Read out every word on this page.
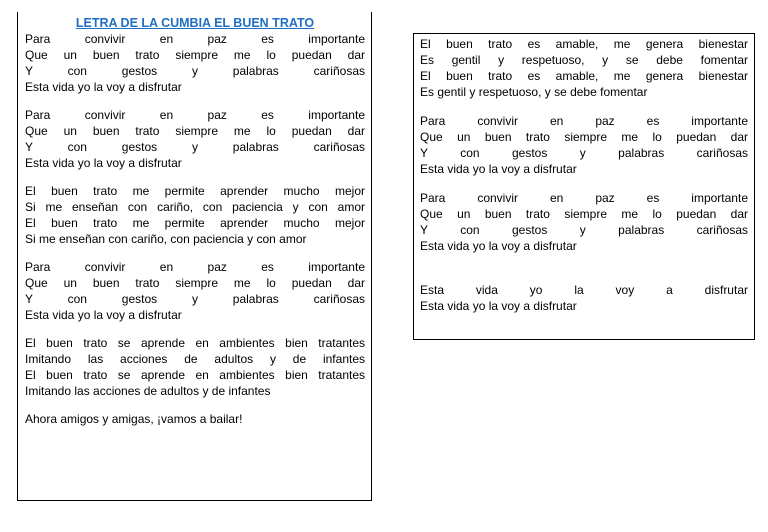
LETRA DE LA CUMBIA EL BUEN TRATO
Para convivir en paz es importante
Que un buen trato siempre me lo puedan dar
Y con gestos y palabras cariñosas
Esta vida yo la voy a disfrutar
Para convivir en paz es importante
Que un buen trato siempre me lo puedan dar
Y con gestos y palabras cariñosas
Esta vida yo la voy a disfrutar
El buen trato me permite aprender mucho mejor
Si me enseñan con cariño, con paciencia y con amor
El buen trato me permite aprender mucho mejor
Si me enseñan con cariño, con paciencia y con amor
Para convivir en paz es importante
Que un buen trato siempre me lo puedan dar
Y con gestos y palabras cariñosas
Esta vida yo la voy a disfrutar
El buen trato se aprende en ambientes bien tratantes
Imitando las acciones de adultos y de infantes
El buen trato se aprende en ambientes bien tratantes
Imitando las acciones de adultos y de infantes
Ahora amigos y amigas, ¡vamos a bailar!
El buen trato es amable, me genera bienestar
Es gentil y respetuoso, y se debe fomentar
El buen trato es amable, me genera bienestar
Es gentil y respetuoso, y se debe fomentar
Para convivir en paz es importante
Que un buen trato siempre me lo puedan dar
Y con gestos y palabras cariñosas
Esta vida yo la voy a disfrutar
Para convivir en paz es importante
Que un buen trato siempre me lo puedan dar
Y con gestos y palabras cariñosas
Esta vida yo la voy a disfrutar
Esta vida yo la voy a disfrutar
Esta vida yo la voy a disfrutar
